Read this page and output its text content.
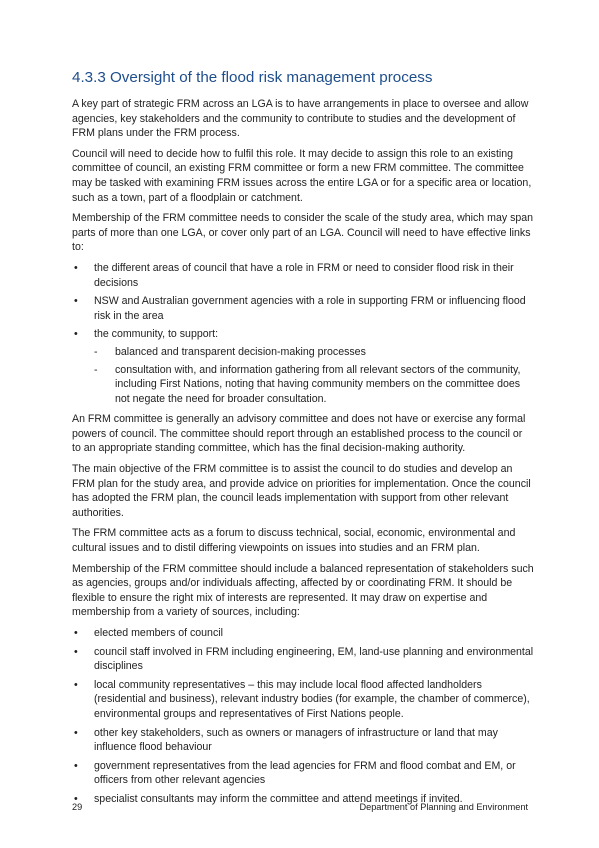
4.3.3 Oversight of the flood risk management process

A key part of strategic FRM across an LGA is to have arrangements in place to oversee and allow agencies, key stakeholders and the community to contribute to studies and the development of FRM plans under the FRM process.

Council will need to decide how to fulfil this role. It may decide to assign this role to an existing committee of council, an existing FRM committee or form a new FRM committee. The committee may be tasked with examining FRM issues across the entire LGA or for a specific area or location, such as a town, part of a floodplain or catchment.

Membership of the FRM committee needs to consider the scale of the study area, which may span parts of more than one LGA, or cover only part of an LGA. Council will need to have effective links to:

• the different areas of council that have a role in FRM or need to consider flood risk in their decisions
• NSW and Australian government agencies with a role in supporting FRM or influencing flood risk in the area
• the community, to support:
- balanced and transparent decision-making processes
- consultation with, and information gathering from all relevant sectors of the community, including First Nations, noting that having community members on the committee does not negate the need for broader consultation.

An FRM committee is generally an advisory committee and does not have or exercise any formal powers of council. The committee should report through an established process to the council or to an appropriate standing committee, which has the final decision-making authority.

The main objective of the FRM committee is to assist the council to do studies and develop an FRM plan for the study area, and provide advice on priorities for implementation. Once the council has adopted the FRM plan, the council leads implementation with support from other relevant authorities.

The FRM committee acts as a forum to discuss technical, social, economic, environmental and cultural issues and to distil differing viewpoints on issues into studies and an FRM plan.

Membership of the FRM committee should include a balanced representation of stakeholders such as agencies, groups and/or individuals affecting, affected by or coordinating FRM. It should be flexible to ensure the right mix of interests are represented. It may draw on expertise and membership from a variety of sources, including:

• elected members of council
• council staff involved in FRM including engineering, EM, land-use planning and environmental disciplines
• local community representatives – this may include local flood affected landholders (residential and business), relevant industry bodies (for example, the chamber of commerce), environmental groups and representatives of First Nations people.
• other key stakeholders, such as owners or managers of infrastructure or land that may influence flood behaviour
• government representatives from the lead agencies for FRM and flood combat and EM, or officers from other relevant agencies
• specialist consultants may inform the committee and attend meetings if invited.
29	Department of Planning and Environment
